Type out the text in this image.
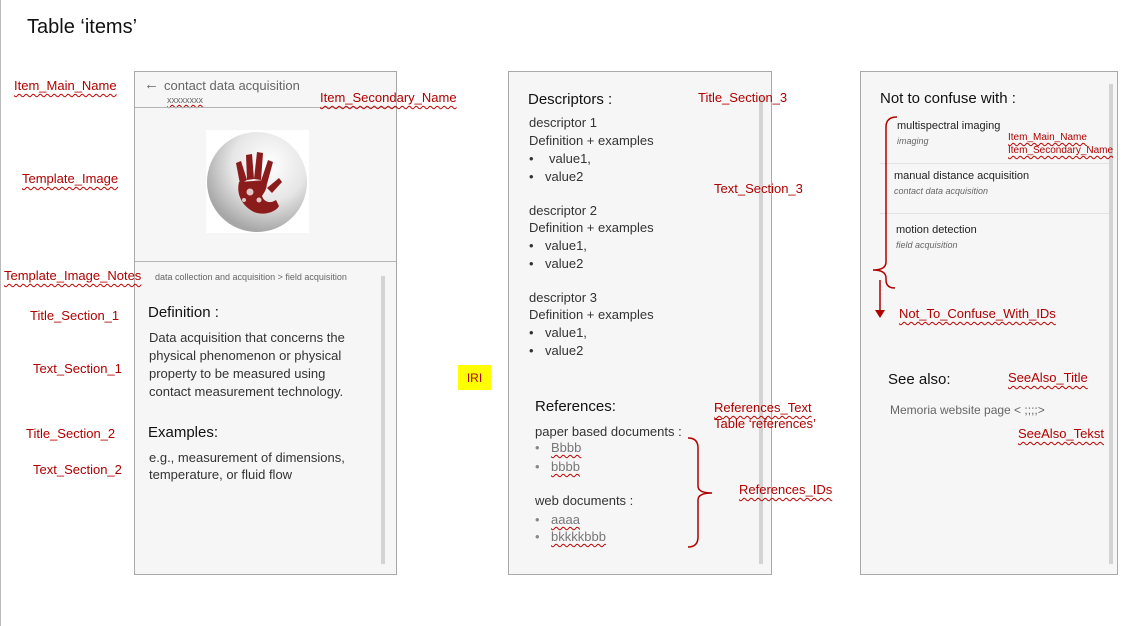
Table ‘items’
← contact data acquisition
xxxxxxxx
data collection and acquisition > field acquisition
Definition :
Data acquisition that concerns the
physical phenomenon or physical
property to be measured using
contact measurement technology.
Examples:
e.g., measurement of dimensions,
temperature, or fluid flow
Descriptors :
descriptor 1
Definition + examples
• value1,
• value2
descriptor 2
Definition + examples
• value1,
• value2
descriptor 3
Definition + examples
• value1,
• value2
References:
paper based documents :
• Bbbb
• bbbb
web documents :
• aaaa
• bkkkkbbb
Not to confuse with :
multispectral imaging
imaging
manual distance acquisition
contact data acquisition
motion detection
field acquisition
See also:
Memoria website page < ;;;;>
Item_Main_Name
Item_Secondary_Name
Template_Image
Template_Image_Notes
Title_Section_1
Text_Section_1
Title_Section_2
Text_Section_2
IRI
Title_Section_3
Text_Section_3
References_Text
Table ‘references’
References_IDs
Item_Main_Name
Item_Secondary_Name
Not_To_Confuse_With_IDs
SeeAlso_Title
SeeAlso_Tekst
